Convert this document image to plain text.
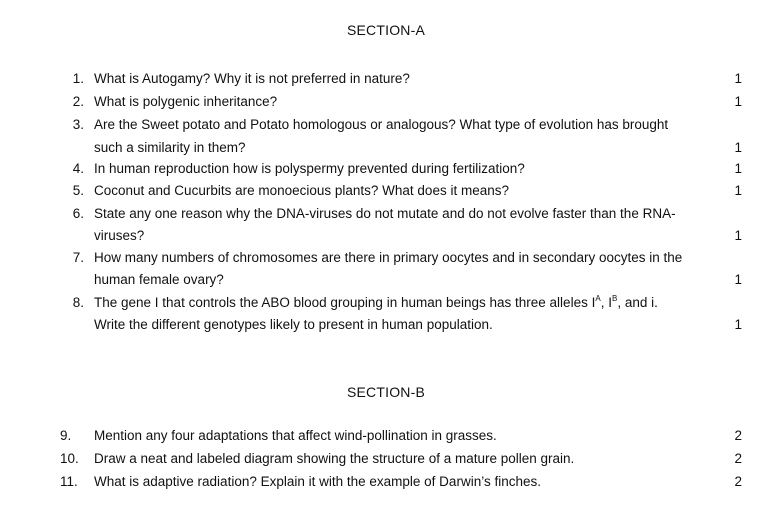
SECTION-A
1. What is Autogamy? Why it is not preferred in nature?	1
2. What is polygenic inheritance?	1
3. Are the Sweet potato and Potato homologous or analogous? What type of evolution has brought
such a similarity in them?	1
4. In human reproduction how is polyspermy prevented during fertilization?	1
5. Coconut and Cucurbits are monoecious plants? What does it means?	1
6. State any one reason why the DNA-viruses do not mutate and do not evolve faster than the RNA-
viruses?	1
7. How many numbers of chromosomes are there in primary oocytes and in secondary oocytes in the
human female ovary?	1
8. The gene I that controls the ABO blood grouping in human beings has three alleles $I^A$, $I^B$, and i.
Write the different genotypes likely to present in human population.	1
SECTION-B
9.	Mention any four adaptations that affect wind-pollination in grasses.	2
10.	Draw a neat and labeled diagram showing the structure of a mature pollen grain.	2
11.	What is adaptive radiation? Explain it with the example of Darwin’s finches.	2
